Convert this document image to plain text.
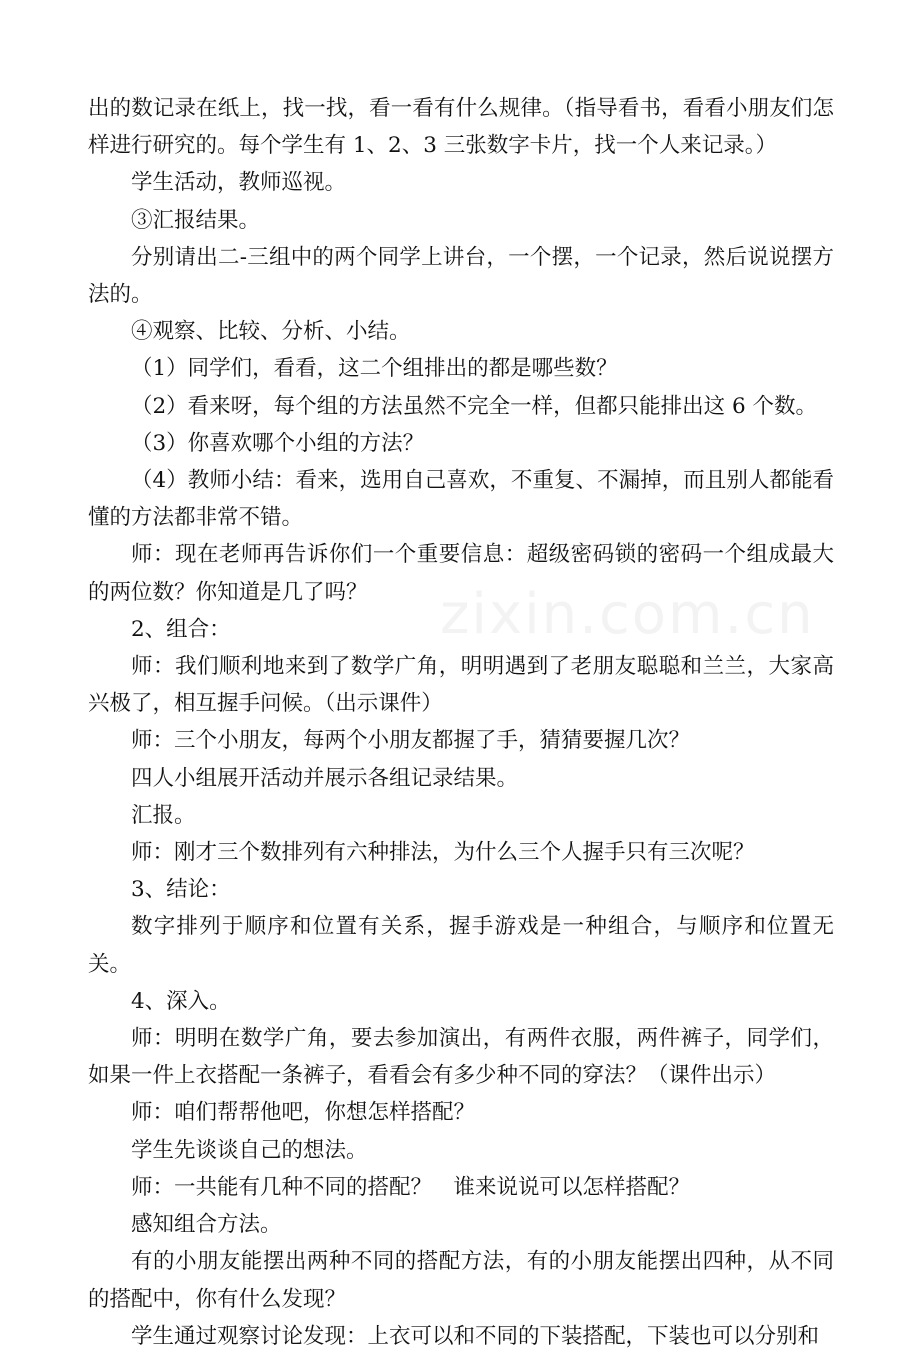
出的数记录在纸上，找一找，看一看有什么规律。（指导看书，看看小朋友们怎样进行研究的。每个学生有 1、2、3 三张数字卡片，找一个人来记录。）

学生活动，教师巡视。

③汇报结果。

分别请出二-三组中的两个同学上讲台，一个摆，一个记录，然后说说摆方法的。

④观察、比较、分析、小结。

（1）同学们，看看，这二个组排出的都是哪些数？

（2）看来呀，每个组的方法虽然不完全一样，但都只能排出这 6 个数。

（3）你喜欢哪个小组的方法？

（4）教师小结：看来，选用自己喜欢，不重复、不漏掉，而且别人都能看懂的方法都非常不错。

师：现在老师再告诉你们一个重要信息：超级密码锁的密码一个组成最大的两位数？你知道是几了吗？

2、组合：

师：我们顺利地来到了数学广角，明明遇到了老朋友聪聪和兰兰，大家高兴极了，相互握手问候。（出示课件）

师：三个小朋友，每两个小朋友都握了手，猜猜要握几次？

四人小组展开活动并展示各组记录结果。

汇报。

师：刚才三个数排列有六种排法，为什么三个人握手只有三次呢？

3、结论：

数字排列于顺序和位置有关系，握手游戏是一种组合，与顺序和位置无关。

4、深入。

师：明明在数学广角，要去参加演出，有两件衣服，两件裤子，同学们，如果一件上衣搭配一条裤子，看看会有多少种不同的穿法？（课件出示）

师：咱们帮帮他吧，你想怎样搭配？

学生先谈谈自己的想法。

师：一共能有几种不同的搭配？　谁来说说可以怎样搭配？

感知组合方法。

有的小朋友能摆出两种不同的搭配方法，有的小朋友能摆出四种，从不同的搭配中，你有什么发现？

学生通过观察讨论发现：上衣可以和不同的下装搭配，下装也可以分别和

zixin.com.cn
